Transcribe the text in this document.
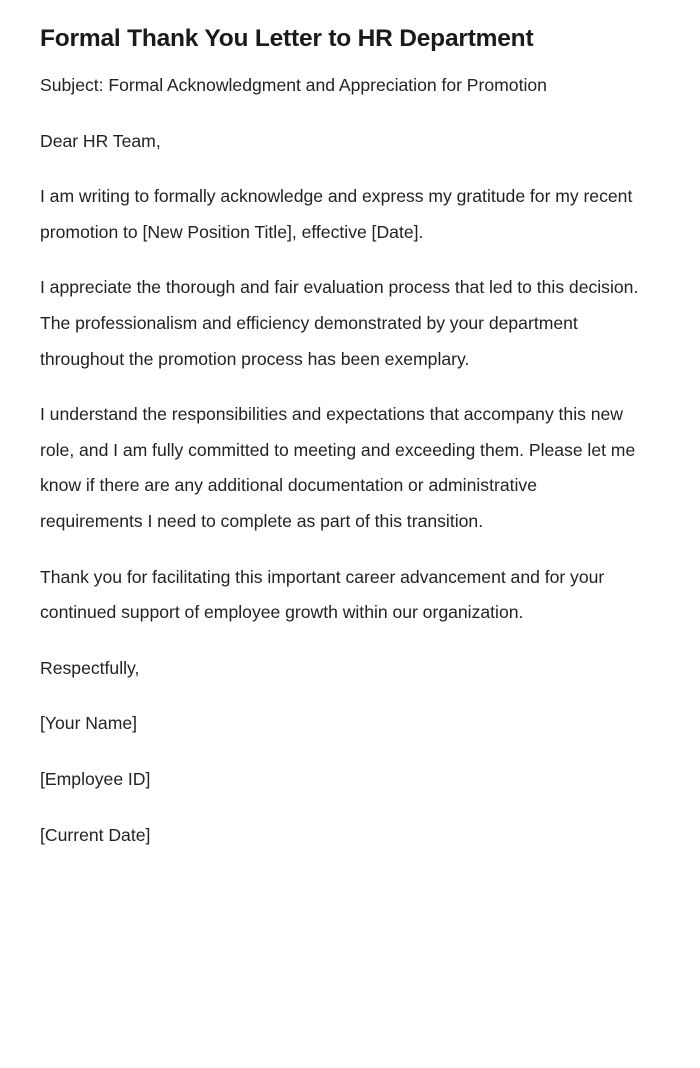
Formal Thank You Letter to HR Department

Subject: Formal Acknowledgment and Appreciation for Promotion

Dear HR Team,

I am writing to formally acknowledge and express my gratitude for my recent promotion to [New Position Title], effective [Date].

I appreciate the thorough and fair evaluation process that led to this decision. The professionalism and efficiency demonstrated by your department throughout the promotion process has been exemplary.

I understand the responsibilities and expectations that accompany this new role, and I am fully committed to meeting and exceeding them. Please let me know if there are any additional documentation or administrative requirements I need to complete as part of this transition.

Thank you for facilitating this important career advancement and for your continued support of employee growth within our organization.

Respectfully,

[Your Name]

[Employee ID]

[Current Date]
